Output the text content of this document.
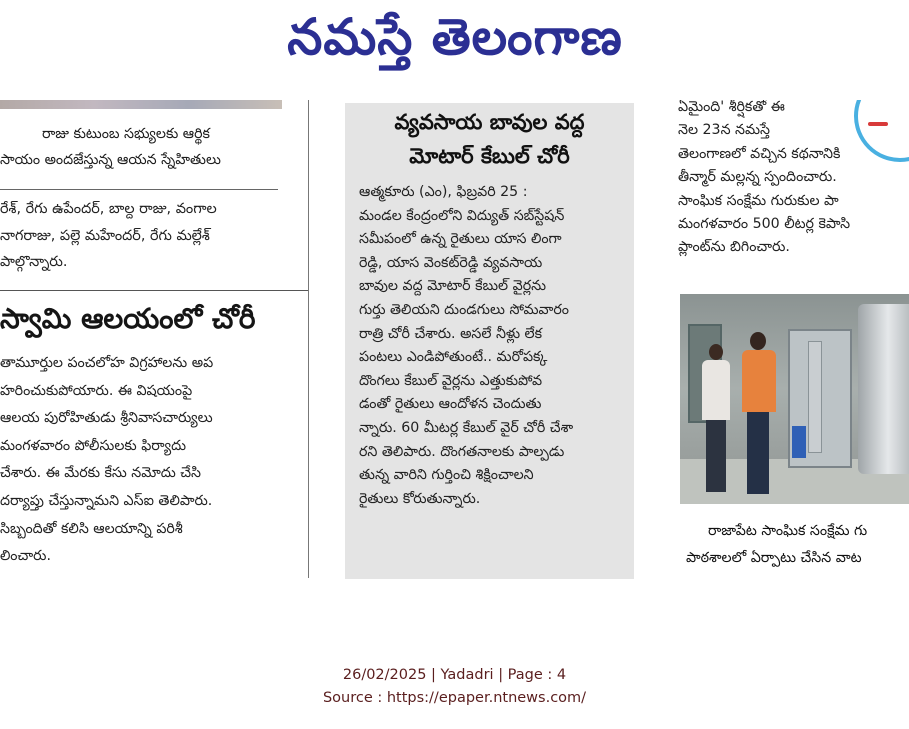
నమస్తే తెలంగాణ
రాజు కుటుంబ సభ్యులకు ఆర్థిక
సాయం అందజేస్తున్న ఆయన స్నేహితులు
రేశ్, రేగు ఉపేందర్, బాల్ద రాజు, వంగాల
నాగరాజు, పల్లె మహేందర్, రేగు మల్లేశ్
పాల్గొన్నారు.
స్వామి ఆలయంలో చోరీ
తామూర్తుల పంచలోహ విగ్రహాలను అప
హరించుకుపోయారు. ఈ విషయంపై
ఆలయ పురోహితుడు శ్రీనివాసచార్యులు
మంగళవారం పోలీసులకు ఫిర్యాదు
చేశారు. ఈ మేరకు కేసు నమోదు చేసి
దర్యాప్తు చేస్తున్నామని ఎస్ఐ తెలిపారు.
సిబ్బందితో కలిసి ఆలయాన్ని పరిశీ
లించారు.
వ్యవసాయ బావుల వద్ద
మోటార్ కేబుల్ చోరీ
ఆత్మకూరు (ఎం), ఫిబ్రవరి 25 :
మండల కేంద్రంలోని విద్యుత్ సబ్‌స్టేషన్
సమీపంలో ఉన్న రైతులు యాస లింగా
రెడ్డి, యాస వెంకట్‌రెడ్డి వ్యవసాయ
బావుల వద్ద మోటార్ కేబుల్ వైర్లను
గుర్తు తెలియని దుండగులు సోమవారం
రాత్రి చోరీ చేశారు. అసలే నీళ్లు లేక
పంటలు ఎండిపోతుంటే.. మరోపక్క
దొంగలు కేబుల్ వైర్లను ఎత్తుకుపోవ
డంతో రైతులు ఆందోళన చెందుతు
న్నారు. 60 మీటర్ల కేబుల్ వైర్ చోరీ చేశా
రని తెలిపారు. దొంగతనాలకు పాల్పడు
తున్న వారిని గుర్తించి శిక్షించాలని
రైతులు కోరుతున్నారు.
ఏమైంది' శీర్షికతో ఈ
నెల 23న నమస్తే
తెలంగాణలో వచ్చిన కథనానికి
తీన్మార్ మల్లన్న స్పందించారు.
సాంఘిక సంక్షేమ గురుకుల పా
మంగళవారం 500 లీటర్ల కెపాసి
ప్లాంట్‌ను బిగించారు.
రాజాపేట సాంఘిక సంక్షేమ గు
పాఠశాలలో ఏర్పాటు చేసిన వాట
26/02/2025 | Yadadri | Page : 4
Source : https://epaper.ntnews.com/
